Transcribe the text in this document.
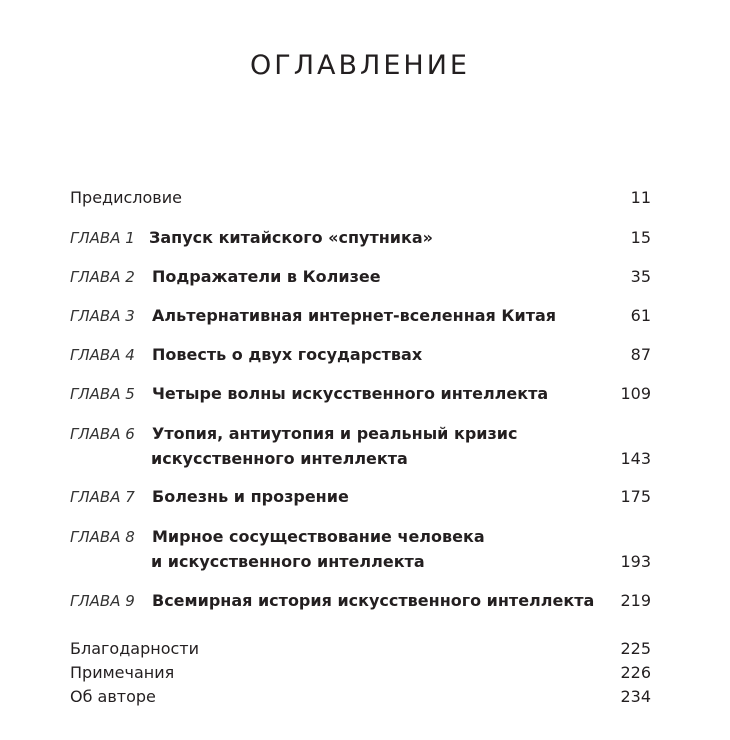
ОГЛАВЛЕНИЕ
Предисловие	11
ГЛАВА 1 Запуск китайского «спутника»	15
ГЛАВА 2 Подражатели в Колизее	35
ГЛАВА 3 Альтернативная интернет-вселенная Китая	61
ГЛАВА 4 Повесть о двух государствах	87
ГЛАВА 5 Четыре волны искусственного интеллекта	109
ГЛАВА 6 Утопия, антиутопия и реальный кризис
искусственного интеллекта	143
ГЛАВА 7 Болезнь и прозрение	175
ГЛАВА 8 Мирное сосуществование человека
и искусственного интеллекта	193
ГЛАВА 9 Всемирная история искусственного интеллекта 219
Благодарности	225
Примечания	226
Об авторе	234
